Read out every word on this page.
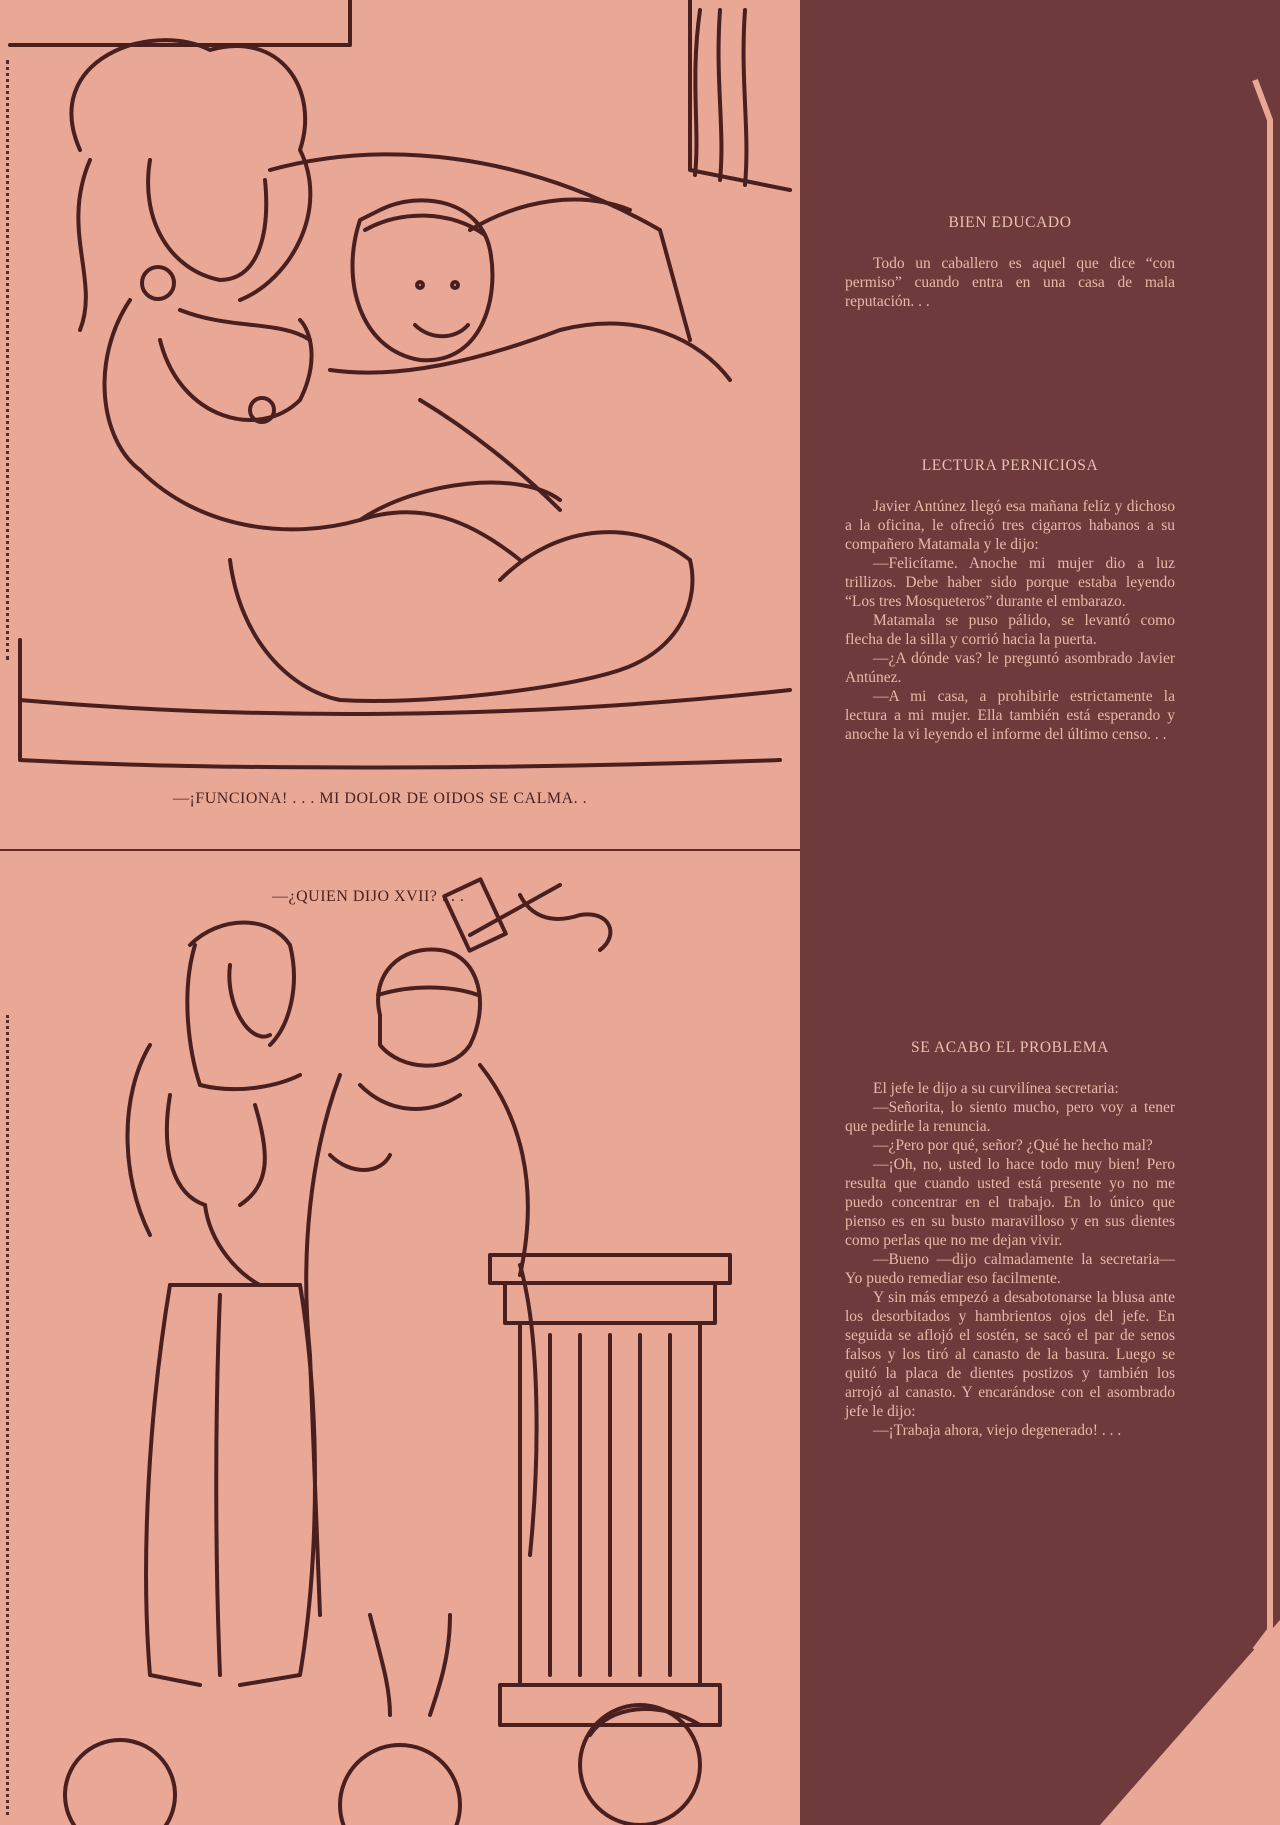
—¡FUNCIONA! . . . MI DOLOR DE OIDOS SE CALMA. .
—¿QUIEN DIJO XVII? . . .
BIEN EDUCADO

Todo un caballero es aquel que dice “con permiso” cuando entra en una casa de mala reputación. . .

LECTURA PERNICIOSA

Javier Antúnez llegó esa mañana felíz y dichoso a la oficina, le ofreció tres cigarros habanos a su compañero Matamala y le dijo:

—Felicítame. Anoche mi mujer dio a luz trillizos. Debe haber sido porque estaba leyendo “Los tres Mosqueteros” durante el embarazo.

Matamala se puso pálido, se levantó como flecha de la silla y corrió hacia la puerta.

—¿A dónde vas? le preguntó asombrado Javier Antúnez.

—A mi casa, a prohibirle estrictamente la lectura a mi mujer. Ella también está esperando y anoche la vi leyendo el informe del último censo. . .

SE ACABO EL PROBLEMA

El jefe le dijo a su curvilínea secretaria:

—Señorita, lo siento mucho, pero voy a tener que pedirle la renuncia.

—¿Pero por qué, señor? ¿Qué he hecho mal?

—¡Oh, no, usted lo hace todo muy bien! Pero resulta que cuando usted está presente yo no me puedo concentrar en el trabajo. En lo único que pienso es en su busto maravilloso y en sus dientes como perlas que no me dejan vivir.

—Bueno —dijo calmadamente la secretaria— Yo puedo remediar eso facilmente.

Y sin más empezó a desabotonarse la blusa ante los desorbitados y hambrientos ojos del jefe. En seguida se aflojó el sostén, se sacó el par de senos falsos y los tiró al canasto de la basura. Luego se quitó la placa de dientes postizos y también los arrojó al canasto. Y encarándose con el asombrado jefe le dijo:

—¡Trabaja ahora, viejo degenerado! . . .
